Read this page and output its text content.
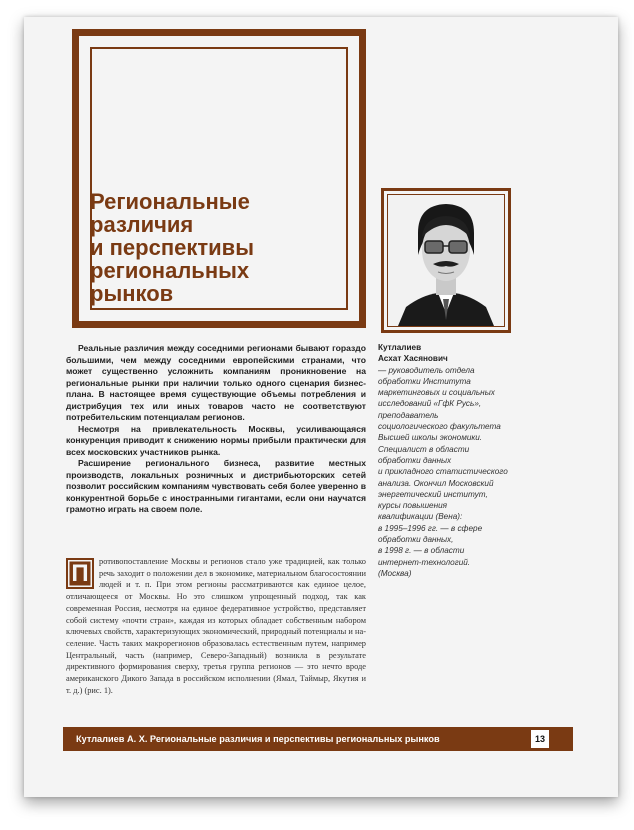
Региональные
различия
и перспективы
региональных
рынков

Реальные различия между соседними регионами бывают гораздо большими, чем между соседними европейскими странами, что может существенно усложнить компаниям проникновение на региональные рынки при наличии только одного сценария бизнес-плана. В настоящее время существующие объемы потребления и дистрибуция тех или иных товаров часто не соответствуют потребительским потенциалам регионов.

Несмотря на привлекательность Москвы, усиливающаяся конкуренция приводит к снижению нормы прибыли практически для всех московских участников рынка.

Расширение регионального бизнеса, развитие местных производств, локальных розничных и дистрибьюторских сетей позволит российским компаниям чувствовать себя более уверенно в конкурентной борьбе с иностранными гигантами, если они научатся грамотно играть на своем поле.

П	ротивопоставление Москвы и регионов стало уже традицией, как только речь заходит о положении дел в экономике, материальном благосостоянии людей и т. п. При этом регионы рассматриваются как единое целое, отличающееся от Москвы. Но это слишком упрощенный подход, так как современная Россия, несмотря на единое федеративное устройство, представляет собой систему «почти стран», каждая из которых обладает собственным набором ключевых свойств, характеризующих экономический, природный потенциалы и население. Часть таких макрорегионов образовалась естественным путем, например Центральный, часть (например, Северо-Западный) возникла в результате директивного формирования сверху, третья группа регионов — это нечто вроде американского Дикого Запада в российском исполнении (Ямал, Таймыр, Якутия и т. д.) (рис. 1).
Кутлалиев
Асхат Хасянович
— руководитель отдела
обработки Института
маркетинговых и социальных
исследований «ГфК Русь»,
преподаватель
социологического факультета
Высшей школы экономики.
Специалист в области
обработки данных
и прикладного статистического
анализа. Окончил Московский
энергетический институт,
курсы повышения
квалификации (Вена):
в 1995–1996 гг. — в сфере
обработки данных,
в 1998 г. — в области
интернет-технологий.
(Москва)
Кутлалиев А. Х. Региональные различия и перспективы региональных рынков	13
